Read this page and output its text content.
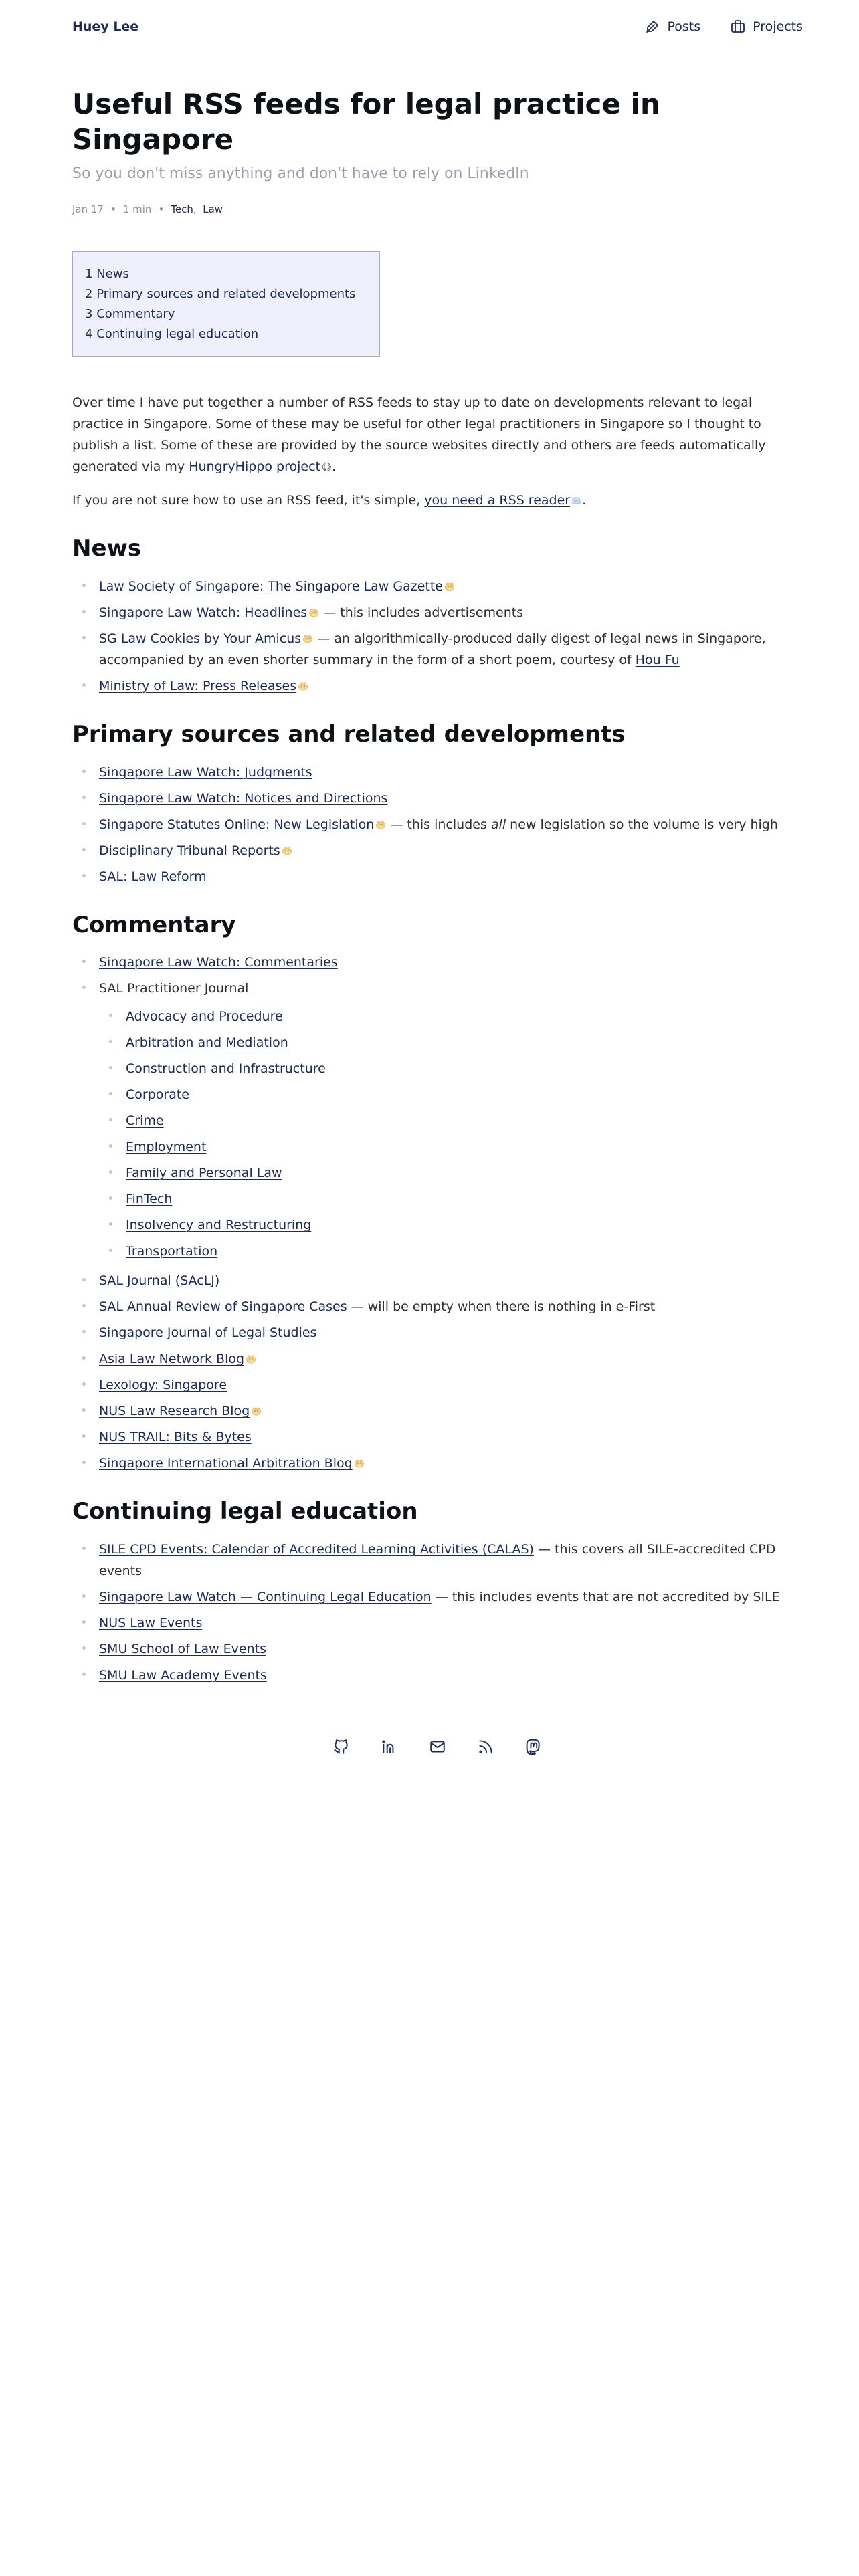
Huey Lee	Posts	Projects
Useful RSS feeds for legal practice in Singapore
So you don't miss anything and don't have to rely on LinkedIn
Jan 17 • 1 min • Tech,  Law
1 News
2 Primary sources and related developments
3 Commentary
4 Continuing legal education

Over time I have put together a number of RSS feeds to stay up to date on developments relevant to legal practice in Singapore. Some of these may be useful for other legal practitioners in Singapore so I thought to publish a list. Some of these are provided by the source websites directly and others are feeds automatically generated via my HungryHippo project .

If you are not sure how to use an RSS feed, it's simple, you need a RSS reader .

News
• Law Society of Singapore: The Singapore Law Gazette
• Singapore Law Watch: Headlines — this includes advertisements
• SG Law Cookies by Your Amicus — an algorithmically-produced daily digest of legal news in Singapore, accompanied by an even shorter summary in the form of a short poem, courtesy of Hou Fu
• Ministry of Law: Press Releases
Primary sources and related developments
• Singapore Law Watch: Judgments
• Singapore Law Watch: Notices and Directions
• Singapore Statutes Online: New Legislation — this includes all new legislation so the volume is very high
• Disciplinary Tribunal Reports
• SAL: Law Reform
Commentary
• Singapore Law Watch: Commentaries
• SAL Practitioner Journal
• Advocacy and Procedure
• Arbitration and Mediation
• Construction and Infrastructure
• Corporate
• Crime
• Employment
• Family and Personal Law
• FinTech
• Insolvency and Restructuring
• Transportation
• SAL Journal (SAcLJ)
• SAL Annual Review of Singapore Cases — will be empty when there is nothing in e-First
• Singapore Journal of Legal Studies
• Asia Law Network Blog
• Lexology: Singapore
• NUS Law Research Blog
• NUS TRAIL: Bits & Bytes
• Singapore International Arbitration Blog
Continuing legal education
• SILE CPD Events: Calendar of Accredited Learning Activities (CALAS) — this covers all SILE-accredited CPD events
• Singapore Law Watch — Continuing Legal Education — this includes events that are not accredited by SILE
• NUS Law Events
• SMU School of Law Events
• SMU Law Academy Events
